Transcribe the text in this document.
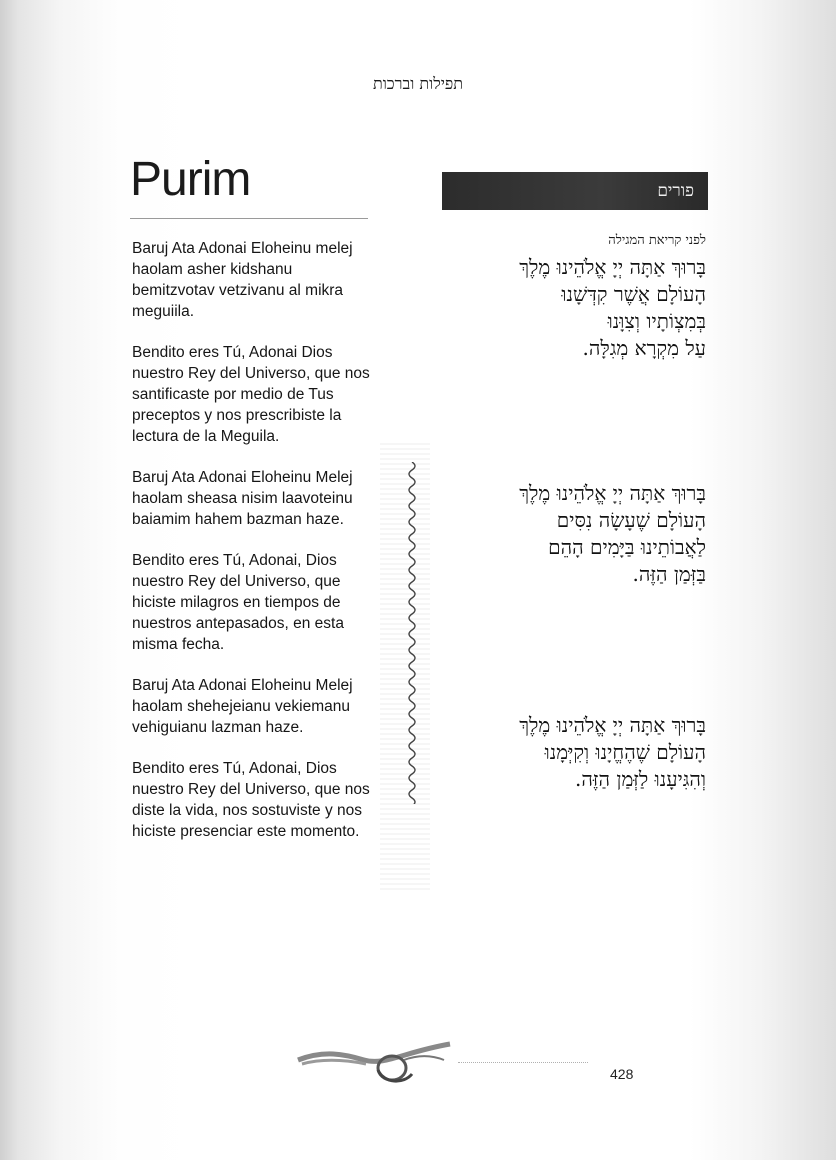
תפילות וברכות
Purim

Baruj Ata Adonai Eloheinu melej haolam asher kidshanu bemitzvotav vetzivanu al mikra meguiila.

Bendito eres Tú, Adonai Dios nuestro Rey del Universo, que nos santificaste por medio de Tus preceptos y nos prescribiste la lectura de la Meguila.

Baruj Ata Adonai Eloheinu Melej haolam sheasa nisim laavoteinu baiamim hahem bazman haze.

Bendito eres Tú, Adonai, Dios nuestro Rey del Universo, que hiciste milagros en tiempos de nuestros antepasados, en esta misma fecha.

Baruj Ata Adonai Eloheinu Melej haolam shehejeianu vekiemanu vehiguianu lazman haze.

Bendito eres Tú, Adonai, Dios nuestro Rey del Universo, que nos diste la vida, nos sostuviste y nos hiciste presenciar este momento.

פורים
לפני קריאת המגילה
בָּרוּךְ אַתָּה יְיָ אֱלֹהֵינוּ מֶלֶךְ
הָעוֹלָם אֲשֶׁר קִדְּשָׁנוּ
בְּמִצְוֹתָיו וְצִוָּנוּ
עַל מִקְרָא מְגִלָּה.
בָּרוּךְ אַתָּה יְיָ אֱלֹהֵינוּ מֶלֶךְ
הָעוֹלָם שֶׁעָשָׂה נִסִּים
לַאֲבוֹתֵינוּ בַּיָּמִים הָהֵם
בַּזְּמַן הַזֶּה.
בָּרוּךְ אַתָּה יְיָ אֱלֹהֵינוּ מֶלֶךְ
הָעוֹלָם שֶׁהֶחֱיָנוּ וְקִיְּמָנוּ
וְהִגִּיעָנוּ לַזְּמַן הַזֶּה.
428
